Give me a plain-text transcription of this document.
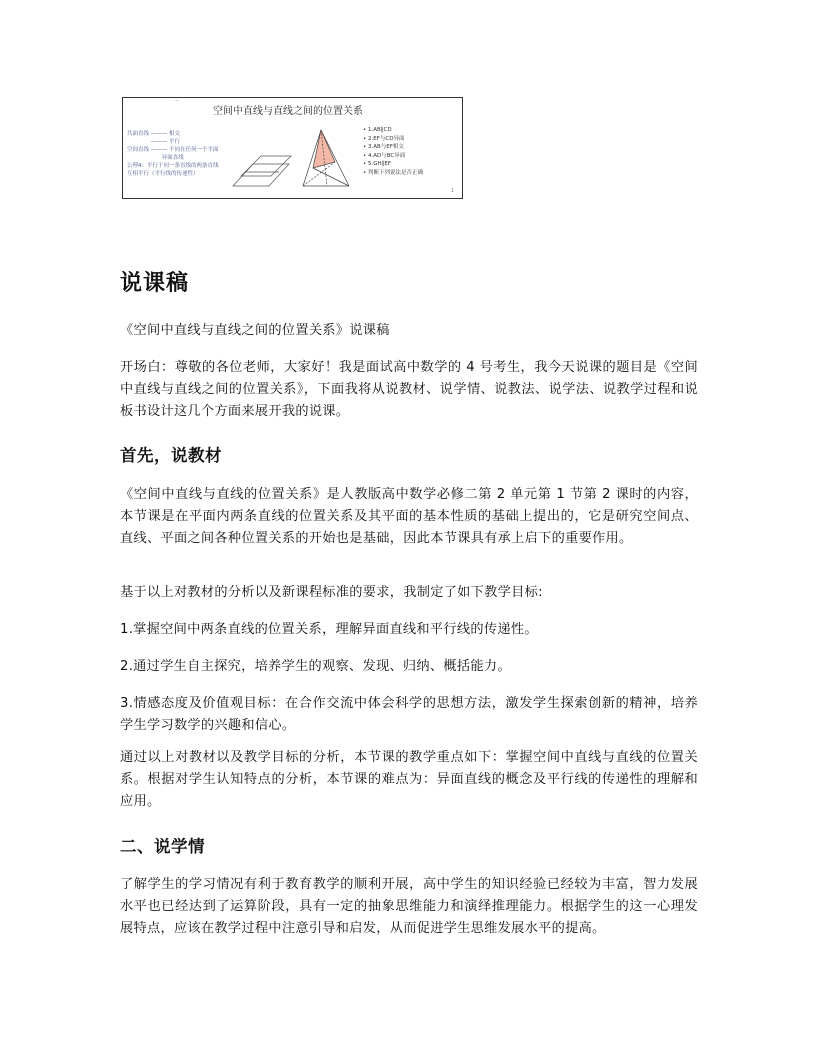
··
空间中直线与直线之间的位置关系
共面直线 ——— 相交
　　　　 ——— 平行
空间直线 ——— 不同在任何一个平面
　　　　　　 异面直线
公理4：平行于同一条直线的两条直线
互相平行（平行线的传递性）
• 1.AB∥CD
• 2.EF与CD异面
• 3.AB与EF相交
• 4.AD与BC异面
• 5.GH∥EF
• 判断下列说法是否正确
1
说课稿

《空间中直线与直线之间的位置关系》说课稿

开场白：尊敬的各位老师，大家好！我是面试高中数学的 4 号考生，我今天说课的题目是《空间中直线与直线之间的位置关系》，下面我将从说教材、说学情、说教法、说学法、说教学过程和说板书设计这几个方面来展开我的说课。

首先，说教材

《空间中直线与直线的位置关系》是人教版高中数学必修二第 2 单元第 1 节第 2 课时的内容，本节课是在平面内两条直线的位置关系及其平面的基本性质的基础上提出的，它是研究空间点、直线、平面之间各种位置关系的开始也是基础，因此本节课具有承上启下的重要作用。

基于以上对教材的分析以及新课程标准的要求，我制定了如下教学目标:

1.掌握空间中两条直线的位置关系，理解异面直线和平行线的传递性。

2.通过学生自主探究，培养学生的观察、发现、归纳、概括能力。

3.情感态度及价值观目标：在合作交流中体会科学的思想方法，激发学生探索创新的精神，培养学生学习数学的兴趣和信心。

通过以上对教材以及教学目标的分析，本节课的教学重点如下：掌握空间中直线与直线的位置关系。根据对学生认知特点的分析，本节课的难点为：异面直线的概念及平行线的传递性的理解和应用。

二、说学情

了解学生的学习情况有利于教育教学的顺利开展，高中学生的知识经验已经较为丰富，智力发展水平也已经达到了运算阶段，具有一定的抽象思维能力和演绎推理能力。根据学生的这一心理发展特点，应该在教学过程中注意引导和启发，从而促进学生思维发展水平的提高。
